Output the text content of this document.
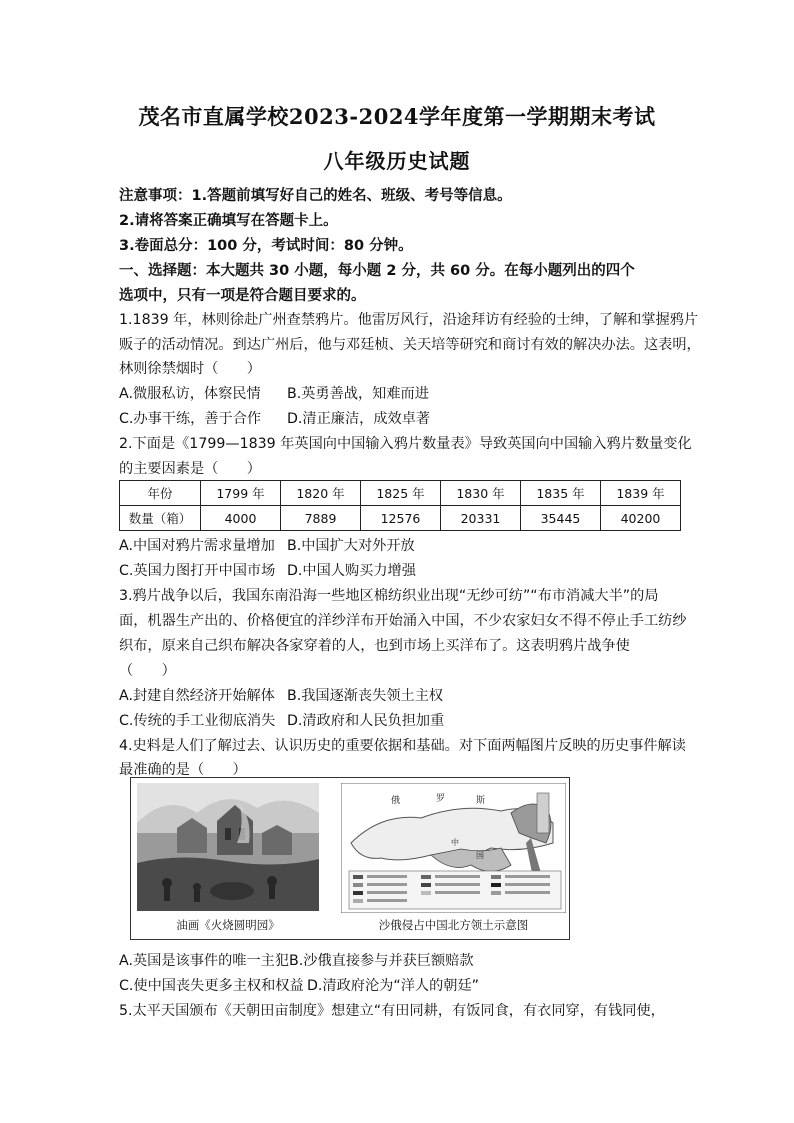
茂名市直属学校2023-2024学年度第一学期期末考试
八年级历史试题
注意事项：1.答题前填写好自己的姓名、班级、考号等信息。
2.请将答案正确填写在答题卡上。
3.卷面总分：100 分，考试时间：80 分钟。
一、选择题：本大题共 30 小题，每小题 2 分，共 60 分。在每小题列出的四个
选项中，只有一项是符合题目要求的。
1.1839 年，林则徐赴广州查禁鸦片。他雷厉风行，沿途拜访有经验的士绅，了解和掌握鸦片
贩子的活动情况。到达广州后，他与邓廷桢、关天培等研究和商讨有效的解决办法。这表明，
林则徐禁烟时（　　）
A.微服私访，体察民情 B.英勇善战，知难而进
C.办事干练，善于合作 D.清正廉洁，成效卓著
2.下面是《1799—1839 年英国向中国输入鸦片数量表》导致英国向中国输入鸦片数量变化
的主要因素是（　　）
年份	1799 年	1820 年	1825 年	1830 年	1835 年	1839 年
数量（箱）	4000	7889	12576	20331	35445	40200
A.中国对鸦片需求量增加 B.中国扩大对外开放
C.英国力图打开中国市场 D.中国人购买力增强
3.鸦片战争以后，我国东南沿海一些地区棉纺织业出现“无纱可纺”“布市消减大半”的局
面，机器生产出的、价格便宜的洋纱洋布开始涌入中国，不少农家妇女不得不停止手工纺纱
织布，原来自己织布解决各家穿着的人，也到市场上买洋布了。这表明鸦片战争使
（　　）
A.封建自然经济开始解体 B.我国逐渐丧失领土主权
C.传统的手工业彻底消失 D.清政府和人民负担加重
4.史料是人们了解过去、认识历史的重要依据和基础。对下面两幅图片反映的历史事件解读
最准确的是（　　）
俄	罗	斯
中
国
油画《火烧圆明园》	沙俄侵占中国北方领土示意图
A.英国是该事件的唯一主犯B.沙俄直接参与并获巨额赔款
C.使中国丧失更多主权和权益 D.清政府沦为“洋人的朝廷”
5.太平天国颁布《天朝田亩制度》想建立“有田同耕，有饭同食，有衣同穿，有钱同使，
